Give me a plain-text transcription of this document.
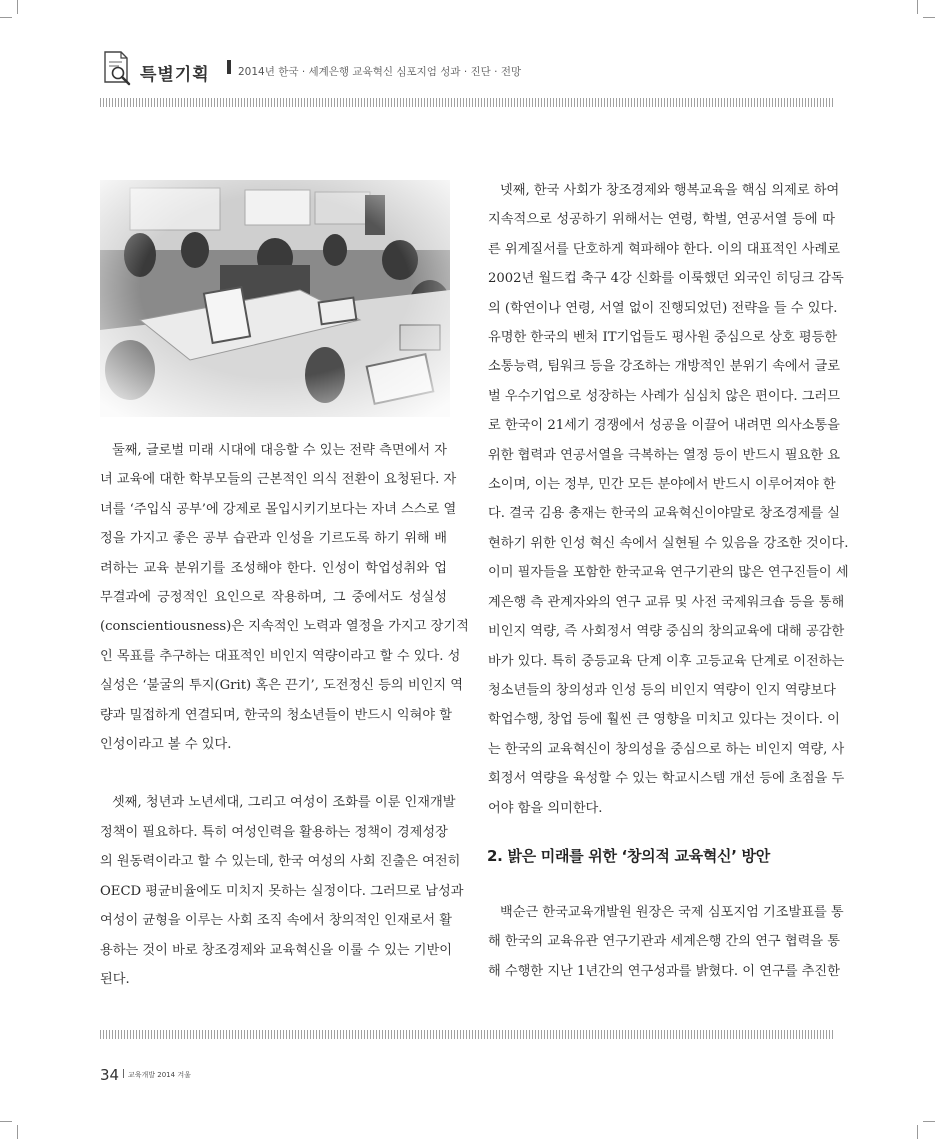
특별기획	2014년 한국 · 세계은행 교육혁신 심포지엄 성과 · 진단 · 전망

둘째, 글로벌 미래 시대에 대응할 수 있는 전략 측면에서 자

녀 교육에 대한 학부모들의 근본적인 의식 전환이 요청된다. 자

녀를 ‘주입식 공부’에 강제로 몰입시키기보다는 자녀 스스로 열

정을 가지고 좋은 공부 습관과 인성을 기르도록 하기 위해 배

려하는 교육 분위기를 조성해야 한다. 인성이 학업성취와 업

무결과에 긍정적인 요인으로 작용하며, 그 중에서도 성실성

(conscientiousness)은 지속적인 노력과 열정을 가지고 장기적

인 목표를 추구하는 대표적인 비인지 역량이라고 할 수 있다. 성

실성은 ‘불굴의 투지(Grit) 혹은 끈기’, 도전정신 등의 비인지 역

량과 밀접하게 연결되며, 한국의 청소년들이 반드시 익혀야 할

인성이라고 볼 수 있다.

셋째, 청년과 노년세대, 그리고 여성이 조화를 이룬 인재개발

정책이 필요하다. 특히 여성인력을 활용하는 정책이 경제성장

의 원동력이라고 할 수 있는데, 한국 여성의 사회 진출은 여전히

OECD 평균비율에도 미치지 못하는 실정이다. 그러므로 남성과

여성이 균형을 이루는 사회 조직 속에서 창의적인 인재로서 활

용하는 것이 바로 창조경제와 교육혁신을 이룰 수 있는 기반이

된다.

넷째, 한국 사회가 창조경제와 행복교육을 핵심 의제로 하여

지속적으로 성공하기 위해서는 연령, 학벌, 연공서열 등에 따

른 위계질서를 단호하게 혁파해야 한다. 이의 대표적인 사례로

2002년 월드컵 축구 4강 신화를 이룩했던 외국인 히딩크 감독

의 (학연이나 연령, 서열 없이 진행되었던) 전략을 들 수 있다.

유명한 한국의 벤처 IT기업들도 평사원 중심으로 상호 평등한

소통능력, 팀워크 등을 강조하는 개방적인 분위기 속에서 글로

벌 우수기업으로 성장하는 사례가 심심치 않은 편이다. 그러므

로 한국이 21세기 경쟁에서 성공을 이끌어 내려면 의사소통을

위한 협력과 연공서열을 극복하는 열정 등이 반드시 필요한 요

소이며, 이는 정부, 민간 모든 분야에서 반드시 이루어져야 한

다. 결국 김용 총재는 한국의 교육혁신이야말로 창조경제를 실

현하기 위한 인성 혁신 속에서 실현될 수 있음을 강조한 것이다.

이미 필자들을 포함한 한국교육 연구기관의 많은 연구진들이 세

계은행 측 관계자와의 연구 교류 및 사전 국제워크숍 등을 통해

비인지 역량, 즉 사회정서 역량 중심의 창의교육에 대해 공감한

바가 있다. 특히 중등교육 단계 이후 고등교육 단계로 이전하는

청소년들의 창의성과 인성 등의 비인지 역량이 인지 역량보다

학업수행, 창업 등에 훨씬 큰 영향을 미치고 있다는 것이다. 이

는 한국의 교육혁신이 창의성을 중심으로 하는 비인지 역량, 사

회정서 역량을 육성할 수 있는 학교시스템 개선 등에 초점을 두

어야 함을 의미한다.

2. 밝은 미래를 위한 ‘창의적 교육혁신’ 방안

백순근 한국교육개발원 원장은 국제 심포지엄 기조발표를 통

해 한국의 교육유관 연구기관과 세계은행 간의 연구 협력을 통

해 수행한 지난 1년간의 연구성과를 밝혔다. 이 연구를 추진한

34 교육개발 2014 겨울
